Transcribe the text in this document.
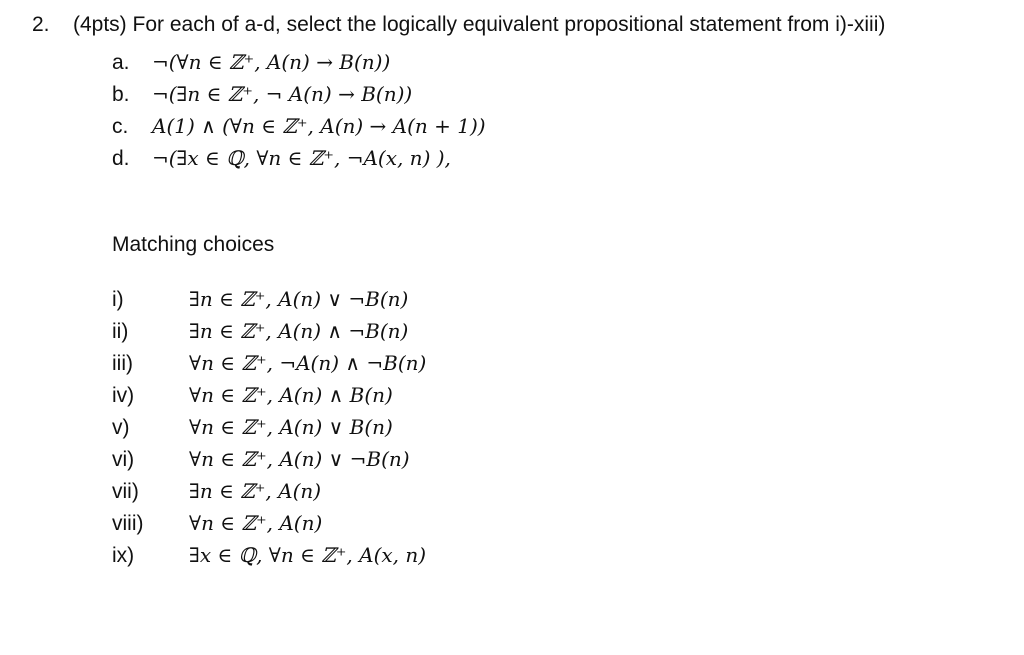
2. (4pts) For each of a-d, select the logically equivalent propositional statement from i)-xiii)
a. ¬(∀n ∈ ℤ⁺, A(n) → B(n))
b. ¬(∃n ∈ ℤ⁺, ¬ A(n) → B(n))
c. A(1) ∧ (∀n ∈ ℤ⁺, A(n) → A(n + 1))
d. ¬(∃x ∈ ℚ, ∀n ∈ ℤ⁺, ¬A(x, n) ),
Matching choices
i)	∃n ∈ ℤ⁺, A(n) ∨ ¬B(n)
ii)	∃n ∈ ℤ⁺, A(n) ∧ ¬B(n)
iii)	∀n ∈ ℤ⁺, ¬A(n) ∧ ¬B(n)
iv)	∀n ∈ ℤ⁺, A(n) ∧ B(n)
v)	∀n ∈ ℤ⁺, A(n) ∨ B(n)
vi)	∀n ∈ ℤ⁺, A(n) ∨ ¬B(n)
vii)	∃n ∈ ℤ⁺, A(n)
viii) ∀n ∈ ℤ⁺, A(n)
ix)	∃x ∈ ℚ, ∀n ∈ ℤ⁺, A(x, n)
